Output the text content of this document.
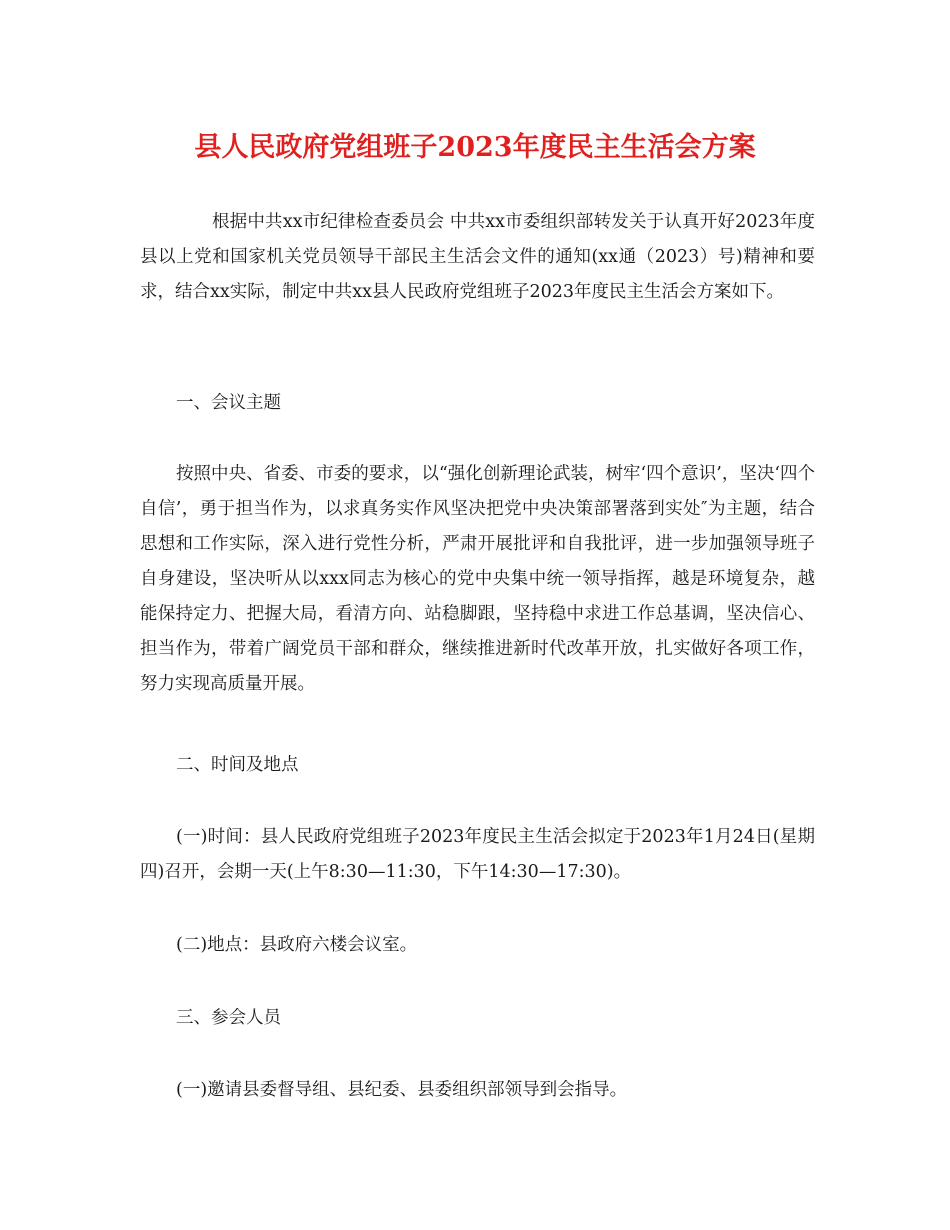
县人民政府党组班子2023年度民主生活会方案

根据中共xx市纪律检查委员会 中共xx市委组织部转发关于认真开好2023年度县以上党和国家机关党员领导干部民主生活会文件的通知(xx通（2023）号)精神和要求，结合xx实际，制定中共xx县人民政府党组班子2023年度民主生活会方案如下。

一、会议主题

按照中央、省委、市委的要求，以“强化创新理论武装，树牢‘四个意识’，坚决‘四个自信’，勇于担当作为，以求真务实作风坚决把党中央决策部署落到实处″为主题，结合思想和工作实际，深入进行党性分析，严肃开展批评和自我批评，进一步加强领导班子自身建设，坚决听从以xxx同志为核心的党中央集中统一领导指挥，越是环境复杂，越能保持定力、把握大局，看清方向、站稳脚跟，坚持稳中求进工作总基调，坚决信心、担当作为，带着广阔党员干部和群众，继续推进新时代改革开放，扎实做好各项工作，努力实现高质量开展。

二、时间及地点

(一)时间：县人民政府党组班子2023年度民主生活会拟定于2023年1月24日(星期四)召开，会期一天(上午8:30—11:30，下午14:30—17:30)。

(二)地点：县政府六楼会议室。

三、参会人员

(一)邀请县委督导组、县纪委、县委组织部领导到会指导。
